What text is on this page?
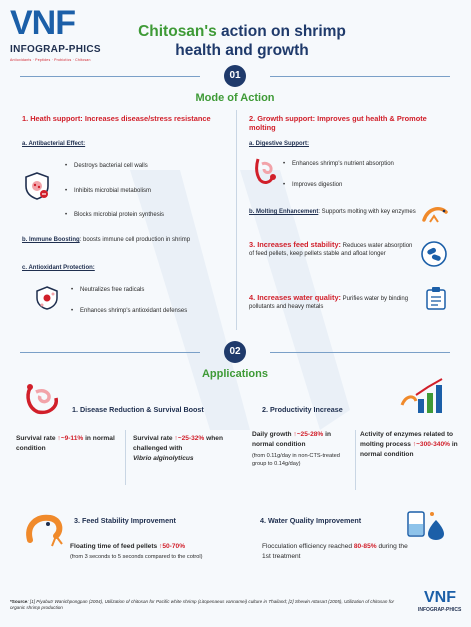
VNF
INFOGRAP-PHICS
Antioxidants · Peptides · Probiotics · Chitosan
Chitosan's action on shrimp
health and growth
01
Mode of Action
1. Heath support: Increases disease/stress resistance
a. Antibacterial Effect:
• Destroys bacterial cell walls
• Inhibits microbial metabolism
• Blocks microbial protein synthesis
b. Immune Boosting: boosts immune cell production in shrimp
c. Antioxidant Protection:
• Neutralizes free radicals
• Enhances shrimp's antioxidant defenses
2. Growth support: Improves gut health & Promote molting
a. Digestive Support:
• Enhances shrimp's nutrient absorption
• Improves digestion
b. Molting Enhancement: Supports molting with key enzymes
3. Increases feed stability: Reduces water absorption of feed pellets, keep pellets stable and afloat longer
4. Increases water quality: Purifies water by binding pollutants and heavy metals
02
Applications
1. Disease Reduction & Survival Boost
Survival rate ↑~9-11% in normal condition
Survival rate ↑~25-32% when challenged with
Vibrio alginolyticus
2. Productivity Increase
Daily growth ↑~25-28% in normal condition
(from 0.11g/day in non-CTS-treated group to 0.14g/day)
Activity of enzymes related to molting process ↑~300-340% in normal condition
3. Feed Stability Improvement
Floating time of feed pellets ↑50-70%
(from 3 seconds to 5 seconds compared to the cotrol)
4. Water Quality Improvement
Flocculation efficiency reached 80-85% during the 1st treatment
*Source: [1] Piyabutr Wanichpongpan (2004), Utilization of chitosan for Pacific white shrimp (Litopenaeus vannamei) culture in Thailand; [2] Shewin Attasart (2005), Utilization of chitosan for organic shrimp production
VNF
INFOGRAP-PHICS
